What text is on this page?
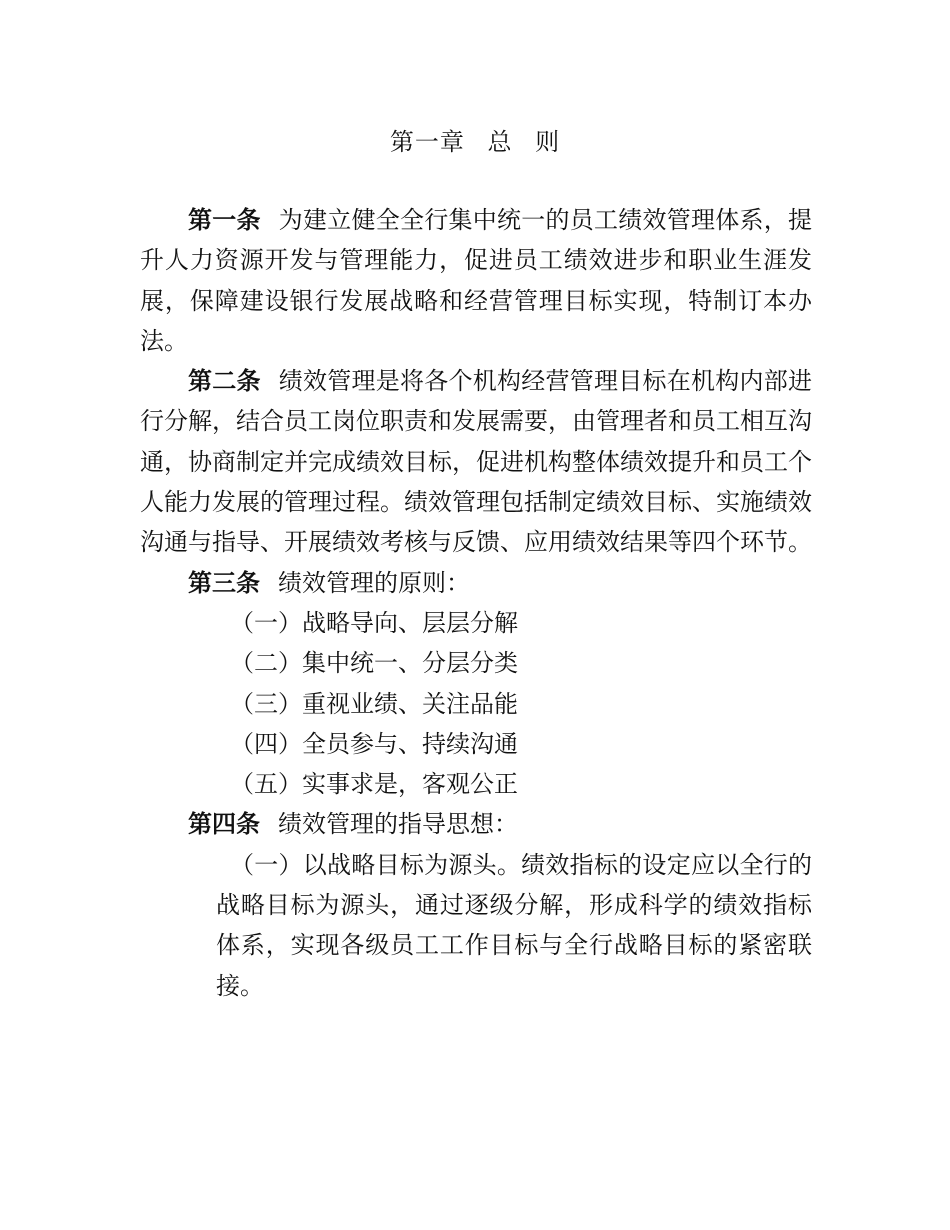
第一章 总 则

第一条 为建立健全全行集中统一的员工绩效管理体系，提升人力资源开发与管理能力，促进员工绩效进步和职业生涯发展，保障建设银行发展战略和经营管理目标实现，特制订本办法。

第二条 绩效管理是将各个机构经营管理目标在机构内部进行分解，结合员工岗位职责和发展需要，由管理者和员工相互沟通，协商制定并完成绩效目标，促进机构整体绩效提升和员工个人能力发展的管理过程。绩效管理包括制定绩效目标、实施绩效沟通与指导、开展绩效考核与反馈、应用绩效结果等四个环节。

第三条 绩效管理的原则：

（一）战略导向、层层分解

（二）集中统一、分层分类

（三）重视业绩、关注品能

（四）全员参与、持续沟通

（五）实事求是，客观公正

第四条 绩效管理的指导思想：

（一）以战略目标为源头。绩效指标的设定应以全行的战略目标为源头，通过逐级分解，形成科学的绩效指标体系，实现各级员工工作目标与全行战略目标的紧密联接。
